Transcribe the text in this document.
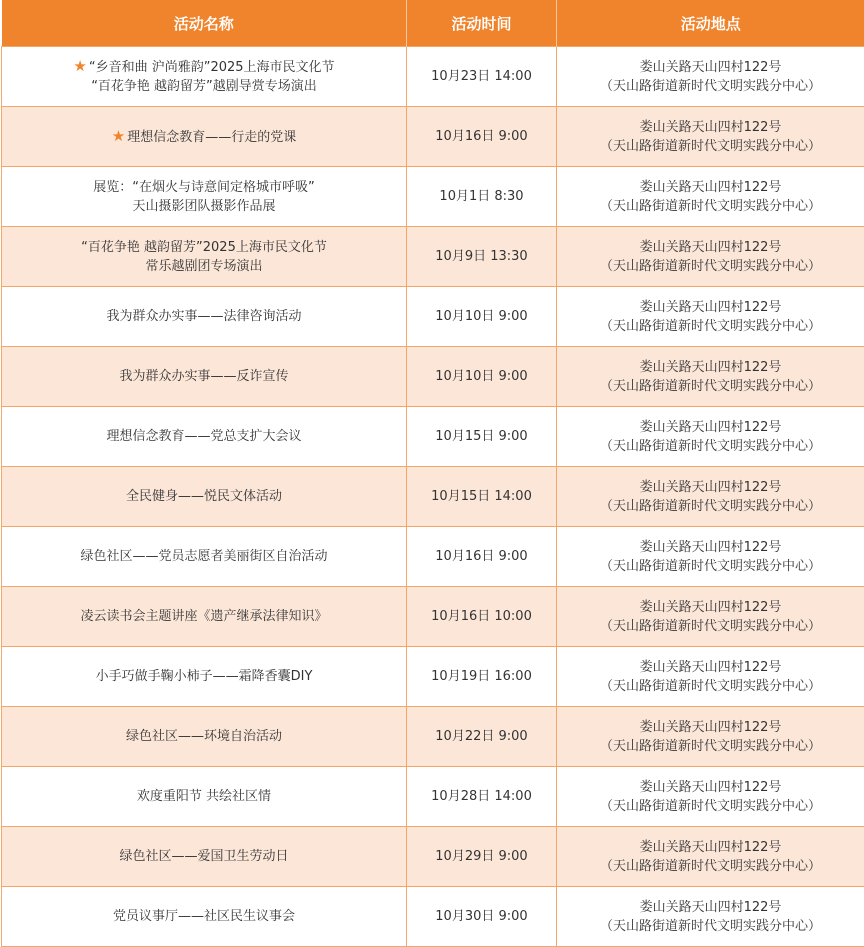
活动名称	活动时间	活动地点

★ “乡音和曲 沪尚雅韵”2025上海市民文化节
“百花争艳 越韵留芳”越剧导赏专场演出	10月23日 14:00	娄山关路天山四村122号
（天山路街道新时代文明实践分中心）

★ 理想信念教育——行走的党课	10月16日 9:00	娄山关路天山四村122号
（天山路街道新时代文明实践分中心）

展览：“在烟火与诗意间定格城市呼吸”
天山摄影团队摄影作品展	10月1日 8:30	娄山关路天山四村122号
（天山路街道新时代文明实践分中心）

“百花争艳 越韵留芳”2025上海市民文化节
常乐越剧团专场演出	10月9日 13:30	娄山关路天山四村122号
（天山路街道新时代文明实践分中心）

我为群众办实事——法律咨询活动	10月10日 9:00	娄山关路天山四村122号
（天山路街道新时代文明实践分中心）

我为群众办实事——反诈宣传	10月10日 9:00	娄山关路天山四村122号
（天山路街道新时代文明实践分中心）

理想信念教育——党总支扩大会议	10月15日 9:00	娄山关路天山四村122号
（天山路街道新时代文明实践分中心）

全民健身——悦民文体活动	10月15日 14:00	娄山关路天山四村122号
（天山路街道新时代文明实践分中心）

绿色社区——党员志愿者美丽街区自治活动	10月16日 9:00	娄山关路天山四村122号
（天山路街道新时代文明实践分中心）

凌云读书会主题讲座《遗产继承法律知识》	10月16日 10:00	娄山关路天山四村122号
（天山路街道新时代文明实践分中心）

小手巧做手鞠小柿子——霜降香囊DIY	10月19日 16:00	娄山关路天山四村122号
（天山路街道新时代文明实践分中心）

绿色社区——环境自治活动	10月22日 9:00	娄山关路天山四村122号
（天山路街道新时代文明实践分中心）

欢度重阳节 共绘社区情	10月28日 14:00	娄山关路天山四村122号
（天山路街道新时代文明实践分中心）

绿色社区——爱国卫生劳动日	10月29日 9:00	娄山关路天山四村122号
（天山路街道新时代文明实践分中心）

党员议事厅——社区民生议事会	10月30日 9:00	娄山关路天山四村122号
（天山路街道新时代文明实践分中心）
